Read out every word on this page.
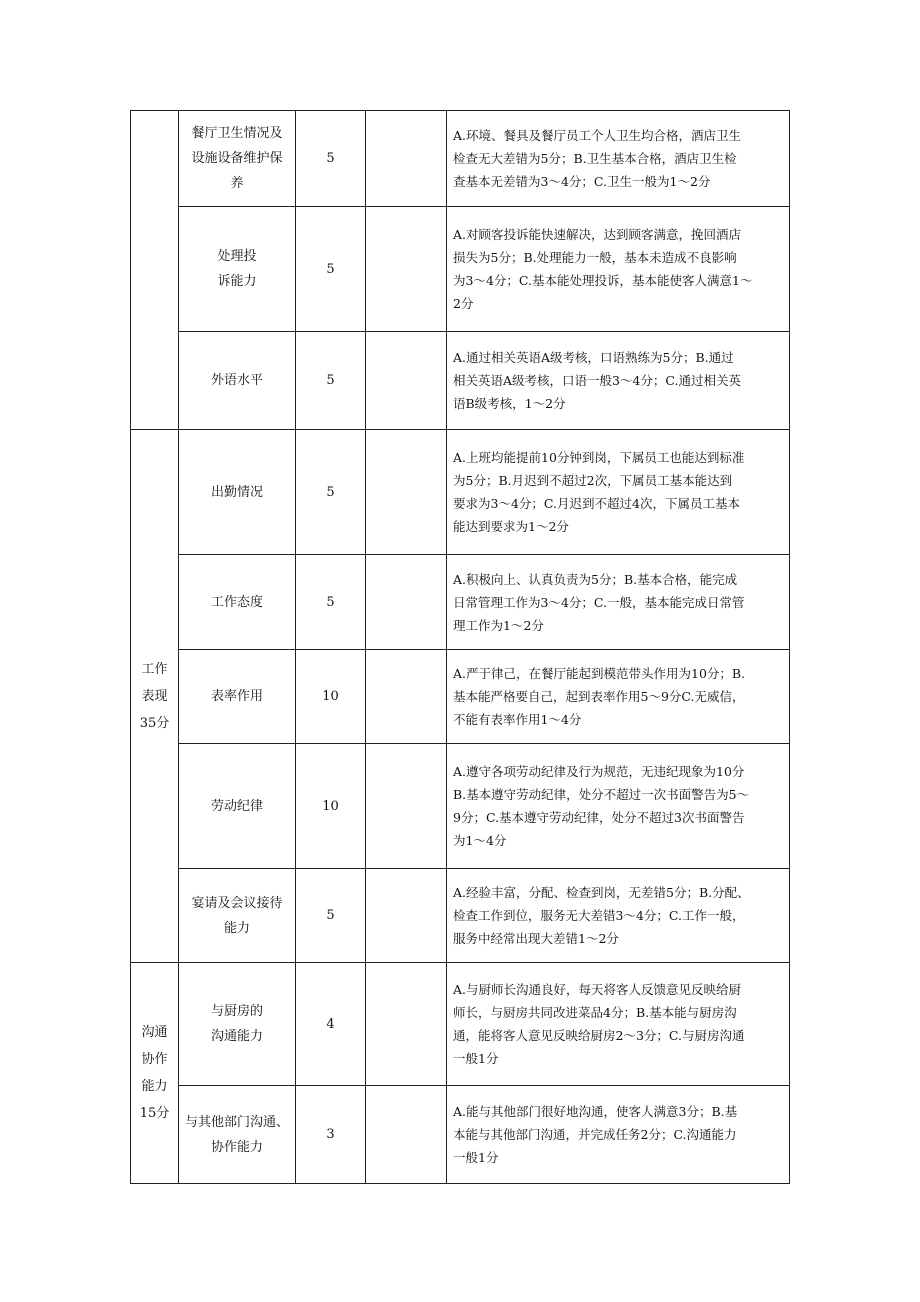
	餐厅卫生情况及
设施设备维护保
养	5		A.环境、餐具及餐厅员工个人卫生均合格，酒店卫生
检查无大差错为5分；B.卫生基本合格，酒店卫生检
查基本无差错为3～4分；C.卫生一般为1～2分

	处理投
诉能力	5		A.对顾客投诉能快速解决，达到顾客满意，挽回酒店
损失为5分；B.处理能力一般，基本未造成不良影响
为3～4分；C.基本能处理投诉，基本能使客人满意1～
2分

	外语水平	5		A.通过相关英语A级考核，口语熟练为5分；B.通过
相关英语A级考核，口语一般3～4分；C.通过相关英
语B级考核，1～2分

工作
表现
35分	出勤情况	5		A.上班均能提前10分钟到岗，下属员工也能达到标准
为5分；B.月迟到不超过2次，下属员工基本能达到
要求为3～4分；C.月迟到不超过4次，下属员工基本
能达到要求为1～2分

	工作态度	5		A.积极向上、认真负责为5分；B.基本合格，能完成
日常管理工作为3～4分；C.一般，基本能完成日常管
理工作为1～2分

	表率作用	10		A.严于律己，在餐厅能起到模范带头作用为10分；B.
基本能严格要自己，起到表率作用5～9分C.无威信，
不能有表率作用1～4分

	劳动纪律	10		A.遵守各项劳动纪律及行为规范，无违纪现象为10分
B.基本遵守劳动纪律，处分不超过一次书面警告为5～
9分；C.基本遵守劳动纪律，处分不超过3次书面警告
为1～4分

	宴请及会议接待
能力	5		A.经验丰富，分配、检查到岗，无差错5分；B.分配、
检查工作到位，服务无大差错3～4分；C.工作一般，
服务中经常出现大差错1～2分

沟通
协作
能力
15分	与厨房的
沟通能力	4		A.与厨师长沟通良好，每天将客人反馈意见反映给厨
师长，与厨房共同改进菜品4分；B.基本能与厨房沟
通，能将客人意见反映给厨房2～3分；C.与厨房沟通
一般1分

	与其他部门沟通、
协作能力	3		A.能与其他部门很好地沟通，使客人满意3分；B.基
本能与其他部门沟通，并完成任务2分；C.沟通能力
一般1分
